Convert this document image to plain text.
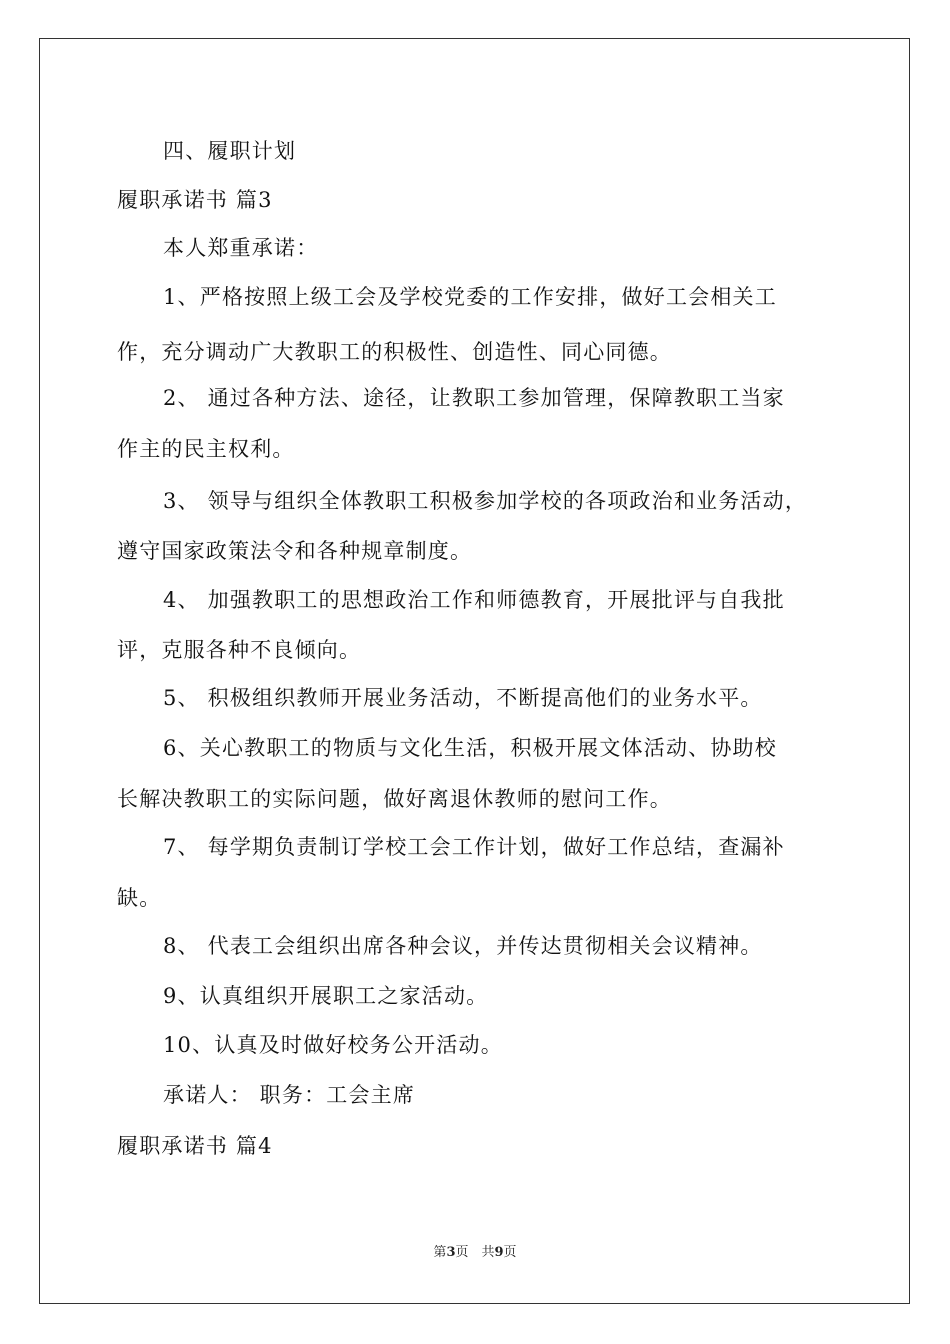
四、履职计划
履职承诺书 篇3
本人郑重承诺：
1、严格按照上级工会及学校党委的工作安排，做好工会相关工
作，充分调动广大教职工的积极性、创造性、同心同德。
2、 通过各种方法、途径，让教职工参加管理，保障教职工当家
作主的民主权利。
3、 领导与组织全体教职工积极参加学校的各项政治和业务活动，
遵守国家政策法令和各种规章制度。
4、 加强教职工的思想政治工作和师德教育，开展批评与自我批
评，克服各种不良倾向。
5、 积极组织教师开展业务活动，不断提高他们的业务水平。
6、关心教职工的物质与文化生活，积极开展文体活动、协助校
长解决教职工的实际问题，做好离退休教师的慰问工作。
7、 每学期负责制订学校工会工作计划，做好工作总结，查漏补
缺。
8、 代表工会组织出席各种会议，并传达贯彻相关会议精神。
9、认真组织开展职工之家活动。
10、认真及时做好校务公开活动。
承诺人： 职务：工会主席
履职承诺书 篇4
第3页　共9页
